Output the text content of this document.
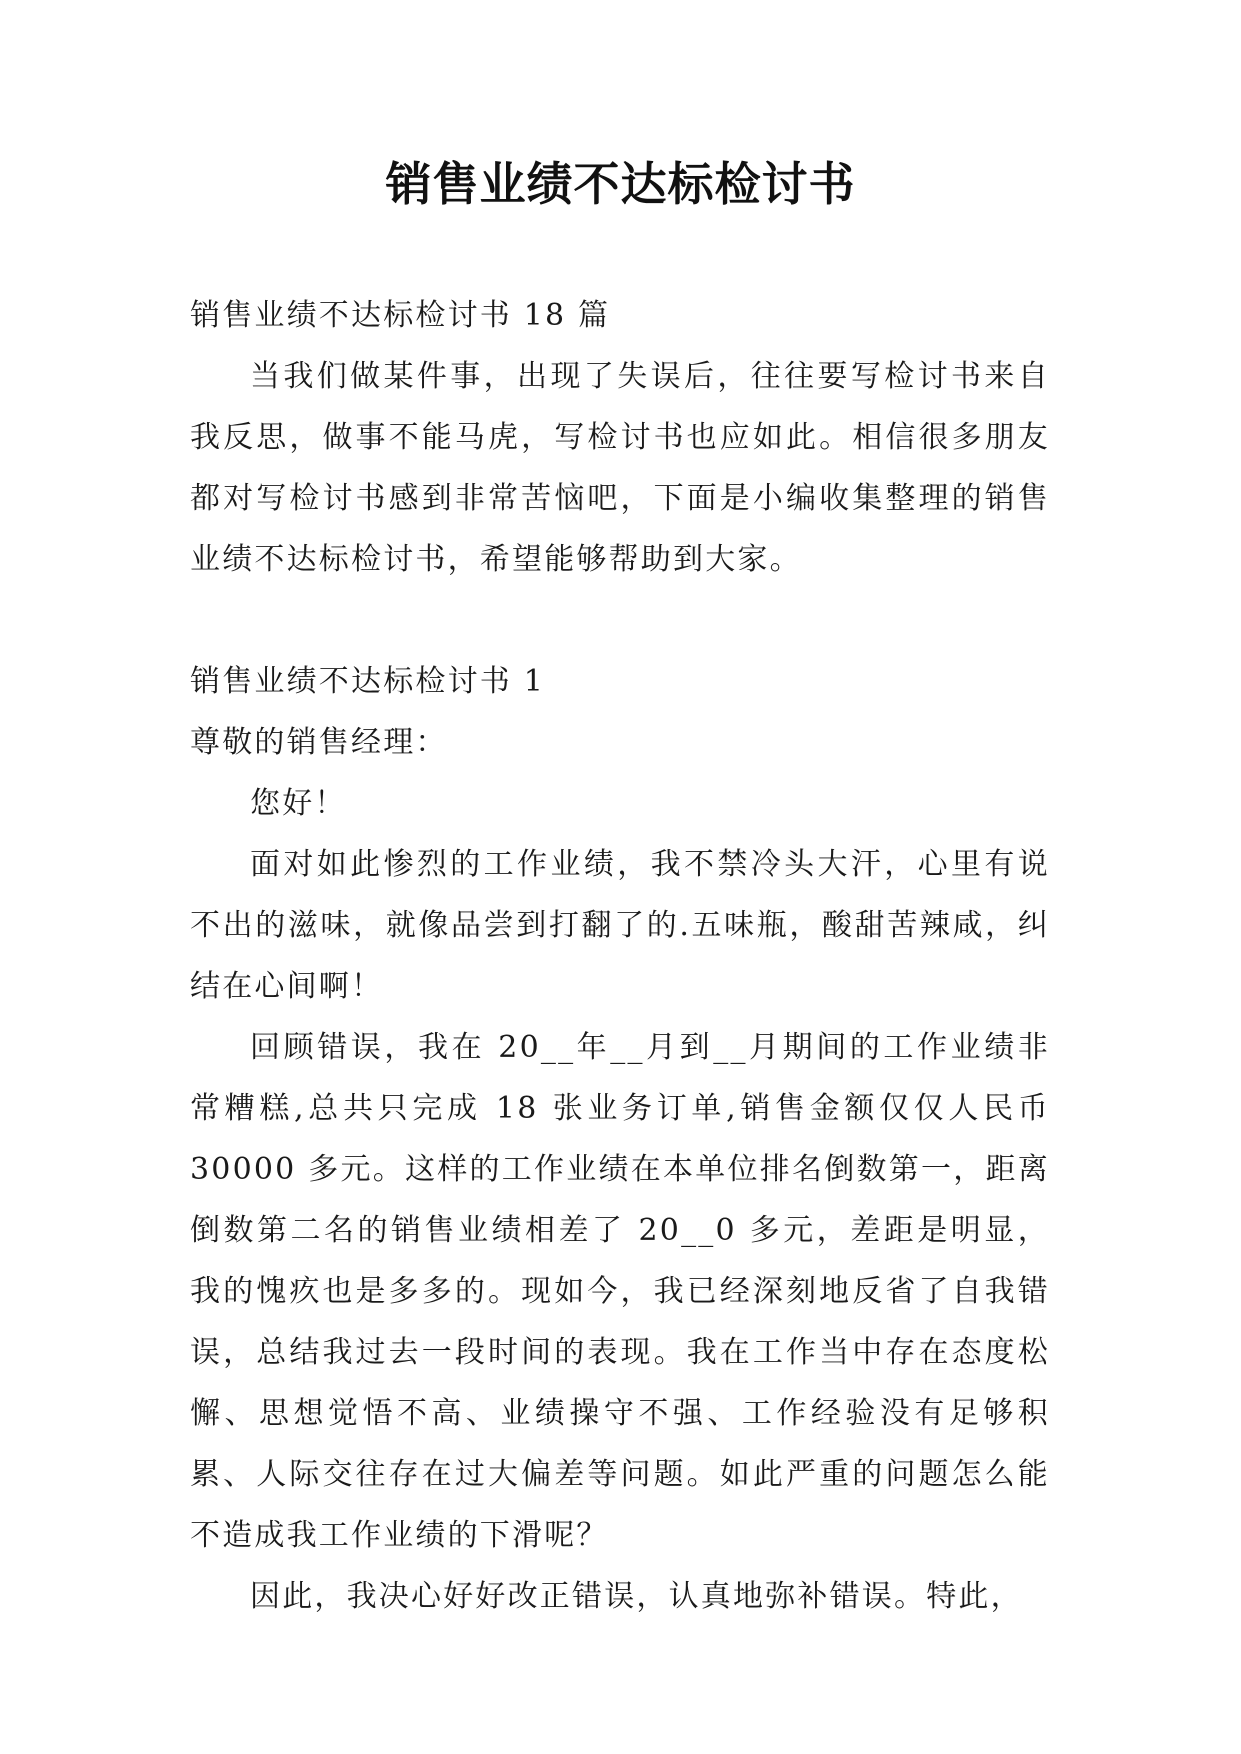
销售业绩不达标检讨书

销售业绩不达标检讨书 18 篇

当我们做某件事，出现了失误后，往往要写检讨书来自我反思，做事不能马虎，写检讨书也应如此。相信很多朋友都对写检讨书感到非常苦恼吧，下面是小编收集整理的销售业绩不达标检讨书，希望能够帮助到大家。

销售业绩不达标检讨书 1

尊敬的销售经理：

您好！

面对如此惨烈的工作业绩，我不禁冷头大汗，心里有说不出的滋味，就像品尝到打翻了的.五味瓶，酸甜苦辣咸，纠结在心间啊！

回顾错误，我在 20__年__月到__月期间的工作业绩非常糟糕,总共只完成 18 张业务订单,销售金额仅仅人民币 30000 多元。这样的工作业绩在本单位排名倒数第一，距离倒数第二名的销售业绩相差了 20__0 多元，差距是明显，我的愧疚也是多多的。现如今，我已经深刻地反省了自我错误，总结我过去一段时间的表现。我在工作当中存在态度松懈、思想觉悟不高、业绩操守不强、工作经验没有足够积累、人际交往存在过大偏差等问题。如此严重的问题怎么能不造成我工作业绩的下滑呢？

因此，我决心好好改正错误，认真地弥补错误。特此，
